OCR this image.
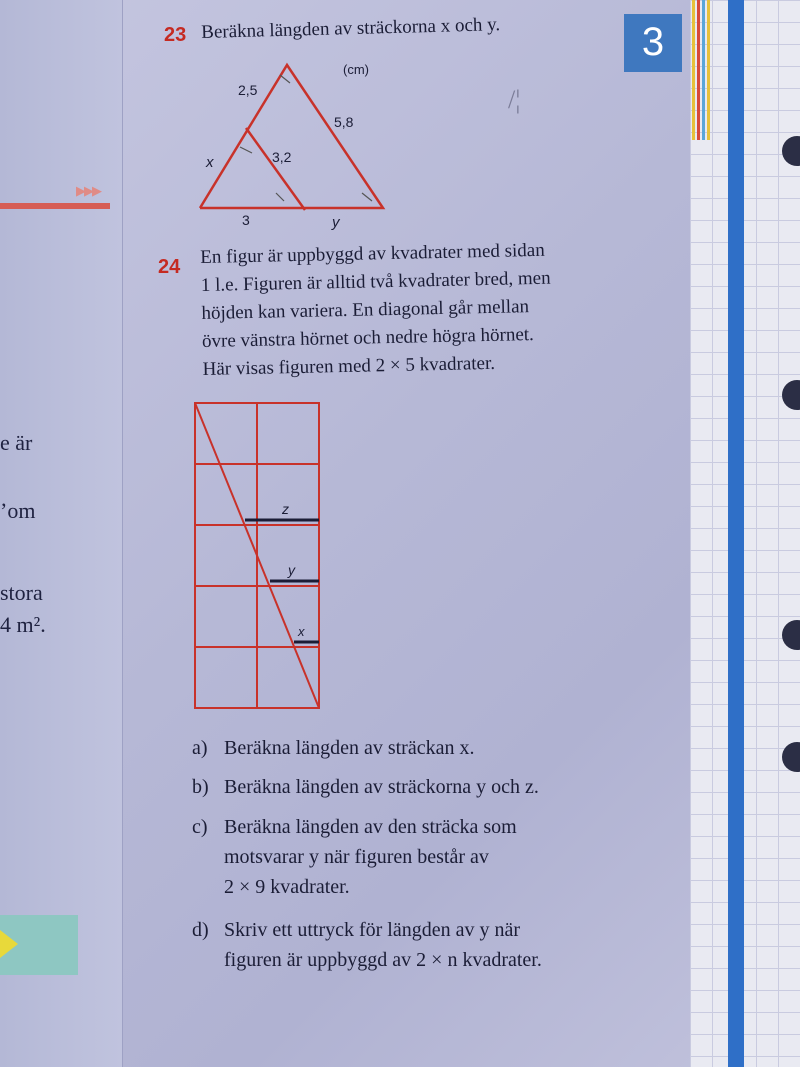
▶▶▶
e är
’om
stora
4 m².
3
23 Beräkna längden av sträckorna x och y.
(cm)
2,5
5,8
3,2
x
3	y
/¦
24 En figur är uppbyggd av kvadrater med sidan
1 l.e. Figuren är alltid två kvadrater bred, men
höjden kan variera. En diagonal går mellan
övre vänstra hörnet och nedre högra hörnet.
Här visas figuren med 2 × 5 kvadrater.
z
y
x
a) Beräkna längden av sträckan x.
b) Beräkna längden av sträckorna y och z.
c) Beräkna längden av den sträcka som
motsvarar y när figuren består av
2 × 9 kvadrater.
d) Skriv ett uttryck för längden av y när
figuren är uppbyggd av 2 × n kvadrater.
